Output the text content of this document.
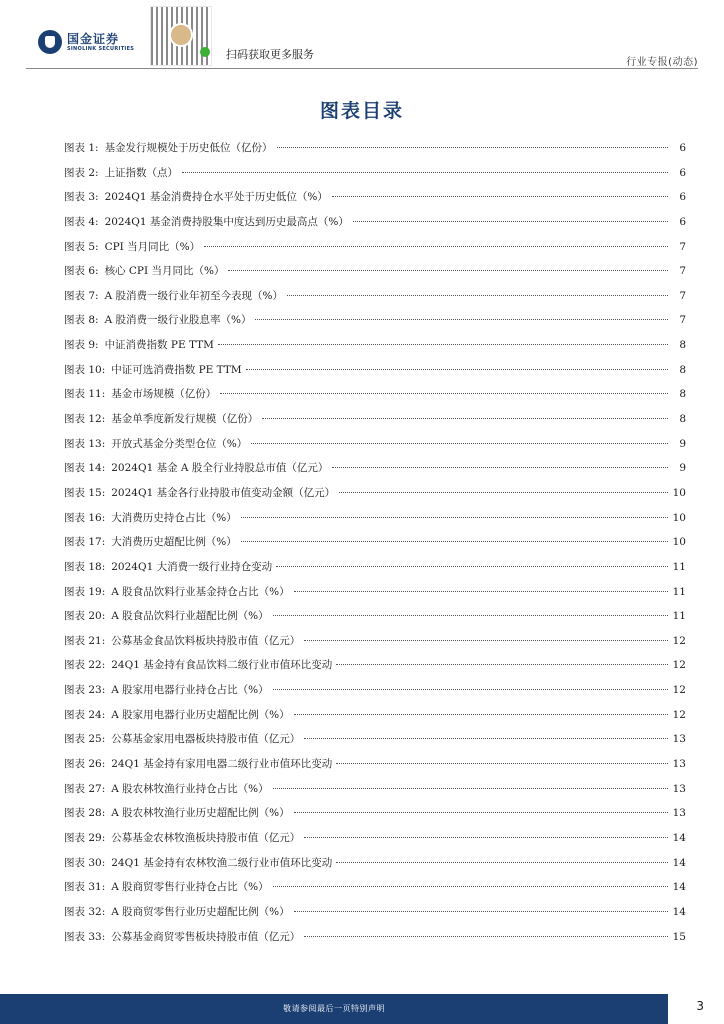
国金证券
SINOLINK SECURITIES	扫码获取更多服务
行业专报(动态)
图表目录
图表 1: 基金发行规模处于历史低位（亿份）	6
图表 2: 上证指数（点）	6
图表 3: 2024Q1 基金消费持仓水平处于历史低位（%）	6
图表 4: 2024Q1 基金消费持股集中度达到历史最高点（%）	6
图表 5: CPI 当月同比（%）	7
图表 6: 核心 CPI 当月同比（%）	7
图表 7: A 股消费一级行业年初至今表现（%）	7
图表 8: A 股消费一级行业股息率（%）	7
图表 9: 中证消费指数 PE TTM	8
图表 10: 中证可选消费指数 PE TTM	8
图表 11: 基金市场规模（亿份）	8
图表 12: 基金单季度新发行规模（亿份）	8
图表 13: 开放式基金分类型仓位（%）	9
图表 14: 2024Q1 基金 A 股全行业持股总市值（亿元）	9
图表 15: 2024Q1 基金各行业持股市值变动金额（亿元）	10
图表 16: 大消费历史持仓占比（%）	10
图表 17: 大消费历史超配比例（%）	10
图表 18: 2024Q1 大消费一级行业持仓变动	11
图表 19: A 股食品饮料行业基金持仓占比（%）	11
图表 20: A 股食品饮料行业超配比例（%）	11
图表 21: 公募基金食品饮料板块持股市值（亿元）	12
图表 22: 24Q1 基金持有食品饮料二级行业市值环比变动	12
图表 23: A 股家用电器行业持仓占比（%）	12
图表 24: A 股家用电器行业历史超配比例（%）	12
图表 25: 公募基金家用电器板块持股市值（亿元）	13
图表 26: 24Q1 基金持有家用电器二级行业市值环比变动	13
图表 27: A 股农林牧渔行业持仓占比（%）	13
图表 28: A 股农林牧渔行业历史超配比例（%）	13
图表 29: 公募基金农林牧渔板块持股市值（亿元）	14
图表 30: 24Q1 基金持有农林牧渔二级行业市值环比变动	14
图表 31: A 股商贸零售行业持仓占比（%）	14
图表 32: A 股商贸零售行业历史超配比例（%）	14
图表 33: 公募基金商贸零售板块持股市值（亿元）	15
敬请参阅最后一页特别声明	3
